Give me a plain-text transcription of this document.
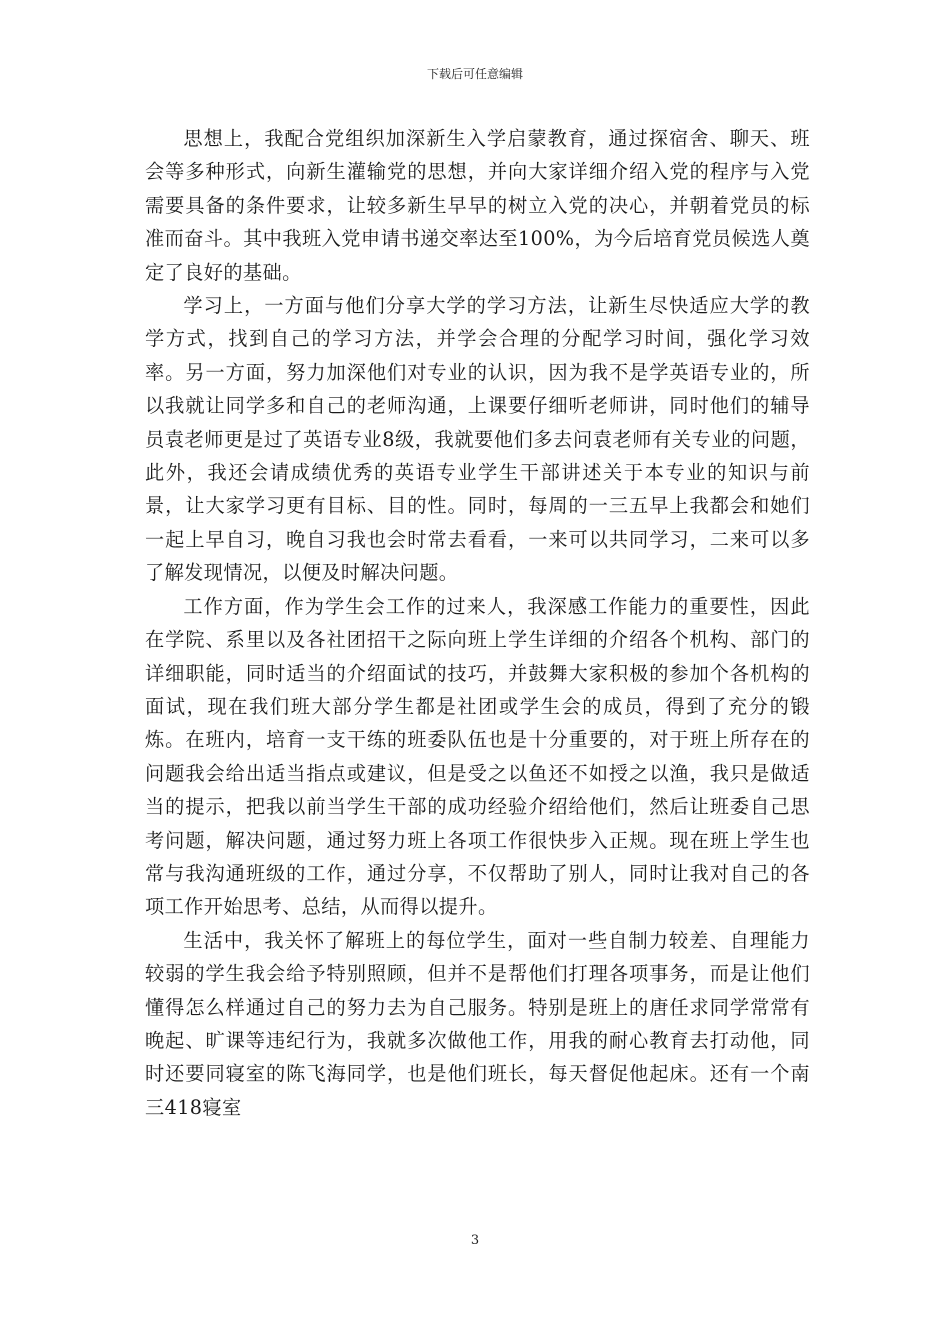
下载后可任意编辑

思想上，我配合党组织加深新生入学启蒙教育，通过探宿舍、聊天、班会等多种形式，向新生灌输党的思想，并向大家详细介绍入党的程序与入党需要具备的条件要求，让较多新生早早的树立入党的决心，并朝着党员的标准而奋斗。其中我班入党申请书递交率达至100%，为今后培育党员候选人奠定了良好的基础。

学习上，一方面与他们分享大学的学习方法，让新生尽快适应大学的教学方式，找到自己的学习方法，并学会合理的分配学习时间，强化学习效率。另一方面，努力加深他们对专业的认识，因为我不是学英语专业的，所以我就让同学多和自己的老师沟通，上课要仔细听老师讲，同时他们的辅导员袁老师更是过了英语专业8级，我就要他们多去问袁老师有关专业的问题，此外，我还会请成绩优秀的英语专业学生干部讲述关于本专业的知识与前景，让大家学习更有目标、目的性。同时，每周的一三五早上我都会和她们一起上早自习，晚自习我也会时常去看看，一来可以共同学习，二来可以多了解发现情况，以便及时解决问题。

工作方面，作为学生会工作的过来人，我深感工作能力的重要性，因此在学院、系里以及各社团招干之际向班上学生详细的介绍各个机构、部门的详细职能，同时适当的介绍面试的技巧，并鼓舞大家积极的参加个各机构的面试，现在我们班大部分学生都是社团或学生会的成员，得到了充分的锻炼。在班内，培育一支干练的班委队伍也是十分重要的，对于班上所存在的问题我会给出适当指点或建议，但是受之以鱼还不如授之以渔，我只是做适当的提示，把我以前当学生干部的成功经验介绍给他们，然后让班委自己思考问题，解决问题，通过努力班上各项工作很快步入正规。现在班上学生也常与我沟通班级的工作，通过分享，不仅帮助了别人，同时让我对自己的各项工作开始思考、总结，从而得以提升。

生活中，我关怀了解班上的每位学生，面对一些自制力较差、自理能力较弱的学生我会给予特别照顾，但并不是帮他们打理各项事务，而是让他们懂得怎么样通过自己的努力去为自己服务。特别是班上的唐任求同学常常有晚起、旷课等违纪行为，我就多次做他工作，用我的耐心教育去打动他，同时还要同寝室的陈飞海同学，也是他们班长，每天督促他起床。还有一个南三418寝室

3
